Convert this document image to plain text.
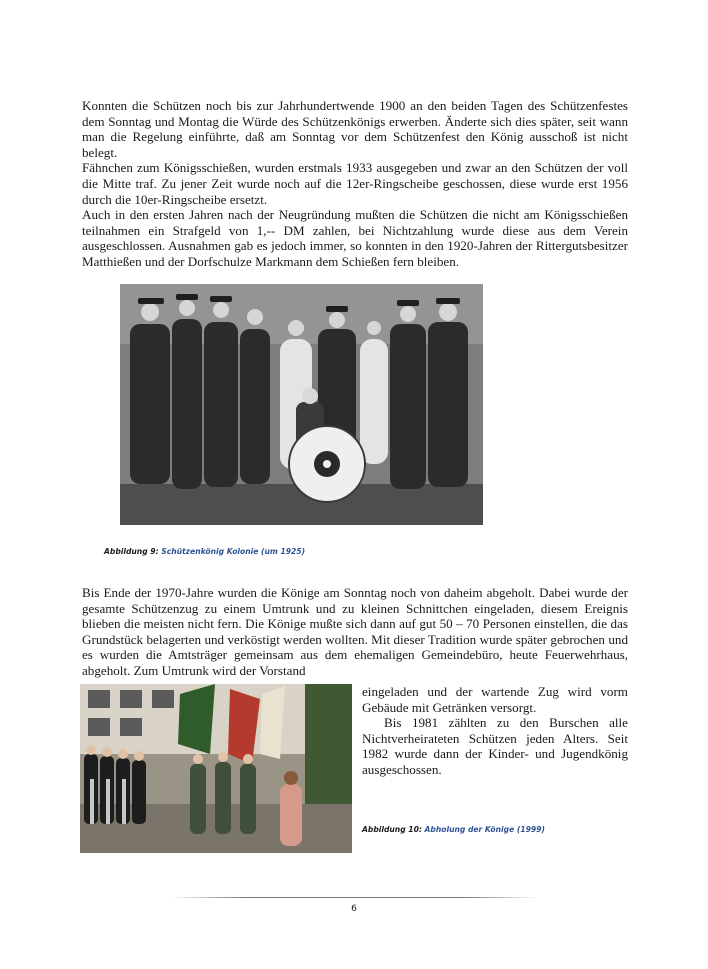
Konnten die Schützen noch bis zur Jahrhundertwende 1900 an den beiden Tagen des Schützenfestes dem Sonntag und Montag die Würde des Schützenkönigs erwerben. Änderte sich dies später, seit wann man die Regelung einführte, daß am Sonntag vor dem Schützenfest den König ausschoß ist nicht belegt.

Fähnchen zum Königsschießen, wurden erstmals 1933 ausgegeben und zwar an den Schützen der voll die Mitte traf. Zu jener Zeit wurde noch auf die 12er-Ringscheibe geschossen, diese wurde erst 1956 durch die 10er-Ringscheibe ersetzt.

Auch in den ersten Jahren nach der Neugründung mußten die Schützen die nicht am Königsschießen teilnahmen ein Strafgeld von 1,-- DM zahlen, bei Nichtzahlung wurde diese aus dem Verein ausgeschlossen. Ausnahmen gab es jedoch immer, so konnten in den 1920-Jahren der Rittergutsbesitzer Matthießen und der Dorfschulze Markmann dem Schießen fern bleiben.

Abbildung 9: Schützenkönig Kolonie (um 1925)

Bis Ende der 1970-Jahre wurden die Könige am Sonntag noch von daheim abgeholt. Dabei wurde der gesamte Schützenzug zu einem Umtrunk und zu kleinen Schnittchen eingeladen, diesem Ereignis blieben die meisten nicht fern. Die Könige mußte sich dann auf gut 50 – 70 Personen einstellen, die das Grundstück belagerten und verköstigt werden wollten. Mit dieser Tradition wurde später gebrochen und es wurden die Amtsträger gemeinsam aus dem ehemaligen Gemeindebüro, heute Feuerwehrhaus, abgeholt. Zum Umtrunk wird der Vorstand

eingeladen und der wartende Zug wird vorm Gebäude mit Getränken versorgt.

Bis 1981 zählten zu den Burschen alle Nichtverheirateten Schützen jeden Alters. Seit 1982 wurde dann der Kinder- und Jugendkönig ausgeschossen.

Abbildung 10: Abholung der Könige (1999)
6
